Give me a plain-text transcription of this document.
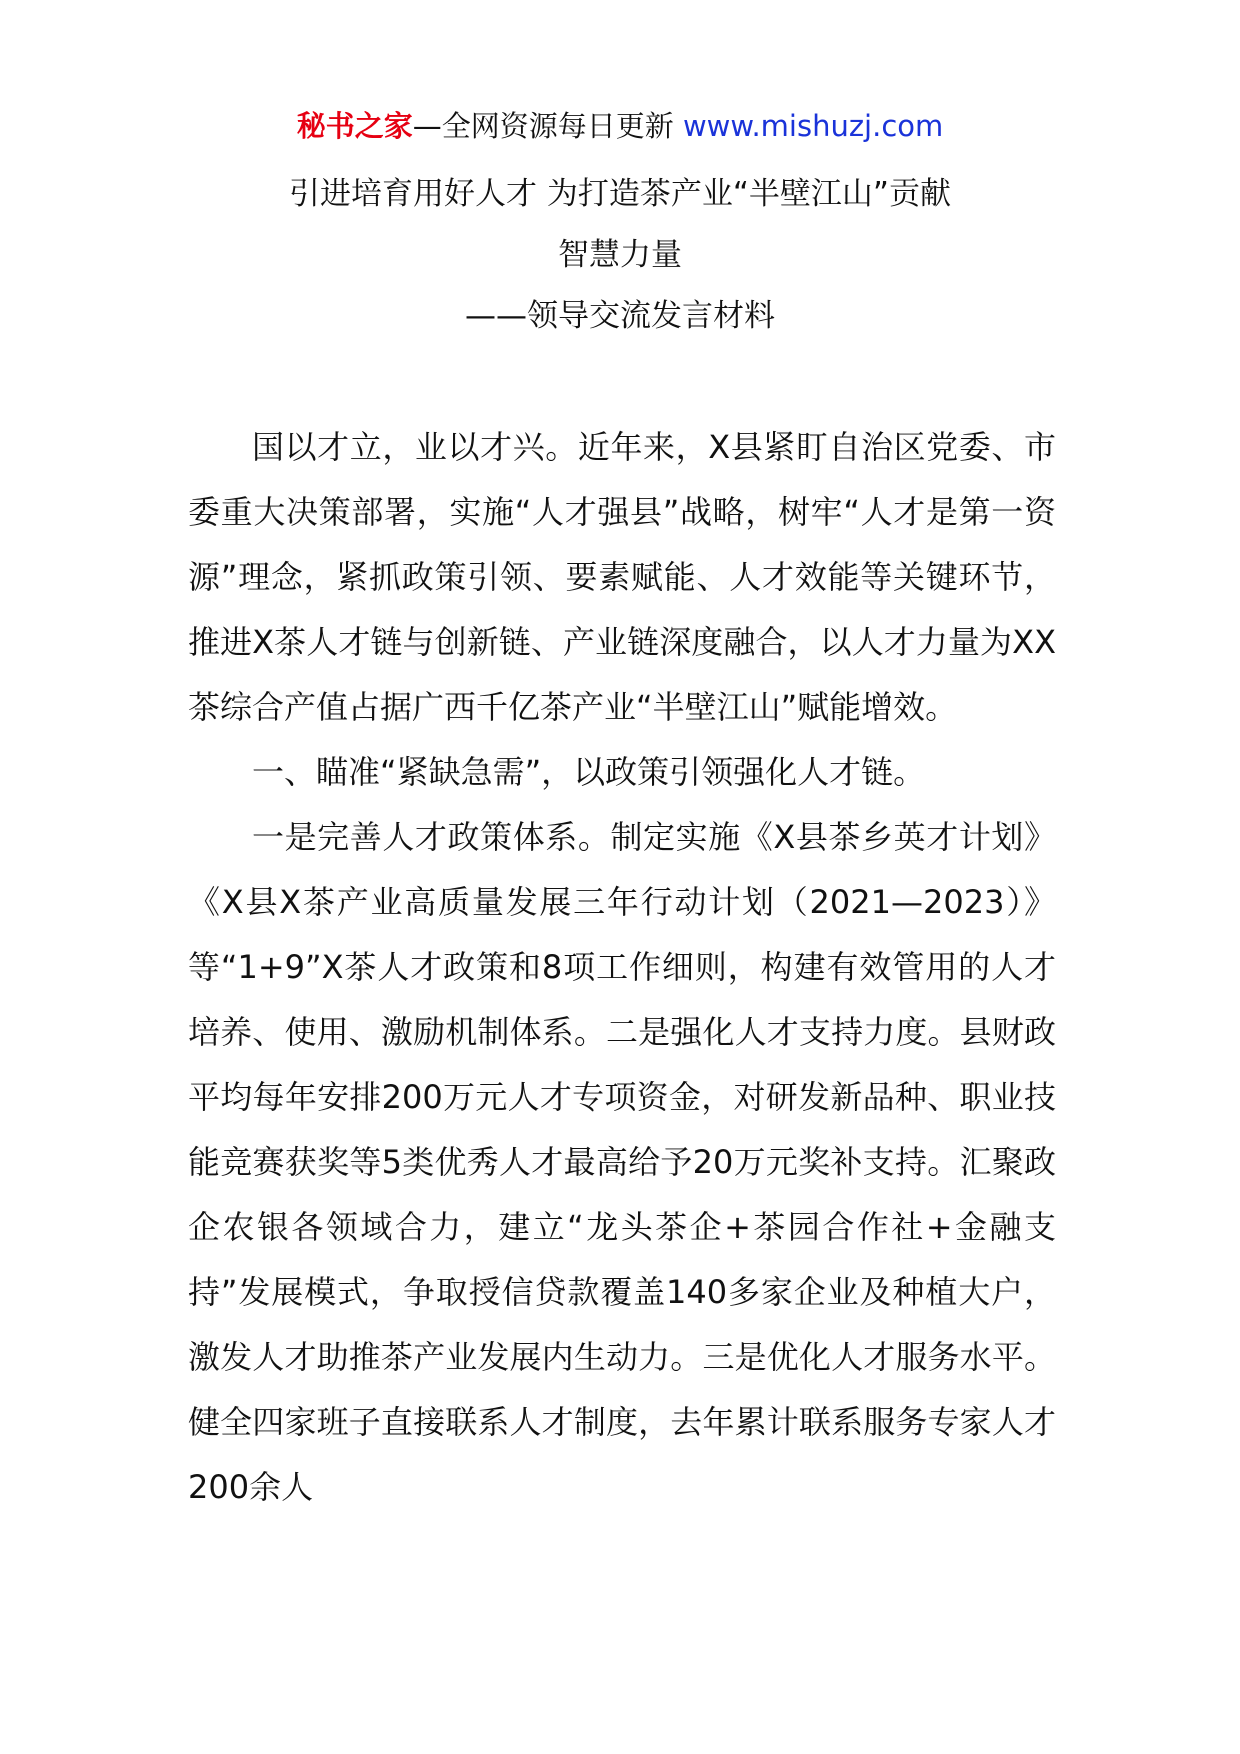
秘书之家—全网资源每日更新 www.mishuzj.com
引进培育用好人才 为打造茶产业“半壁江山”贡献
智慧力量
——领导交流发言材料

国以才立，业以才兴。近年来，X县紧盯自治区党委、市委重大决策部署，实施“人才强县”战略，树牢“人才是第一资源”理念，紧抓政策引领、要素赋能、人才效能等关键环节，推进X茶人才链与创新链、产业链深度融合，以人才力量为XX茶综合产值占据广西千亿茶产业“半壁江山”赋能增效。

一、瞄准“紧缺急需”，以政策引领强化人才链。

一是完善人才政策体系。制定实施《X县茶乡英才计划》《X县X茶产业高质量发展三年行动计划（2021—2023）》等“1+9”X茶人才政策和8项工作细则，构建有效管用的人才培养、使用、激励机制体系。二是强化人才支持力度。县财政平均每年安排200万元人才专项资金，对研发新品种、职业技能竞赛获奖等5类优秀人才最高给予20万元奖补支持。汇聚政企农银各领域合力，建立“龙头茶企+茶园合作社+金融支持”发展模式，争取授信贷款覆盖140多家企业及种植大户，激发人才助推茶产业发展内生动力。三是优化人才服务水平。健全四家班子直接联系人才制度，去年累计联系服务专家人才200余人
